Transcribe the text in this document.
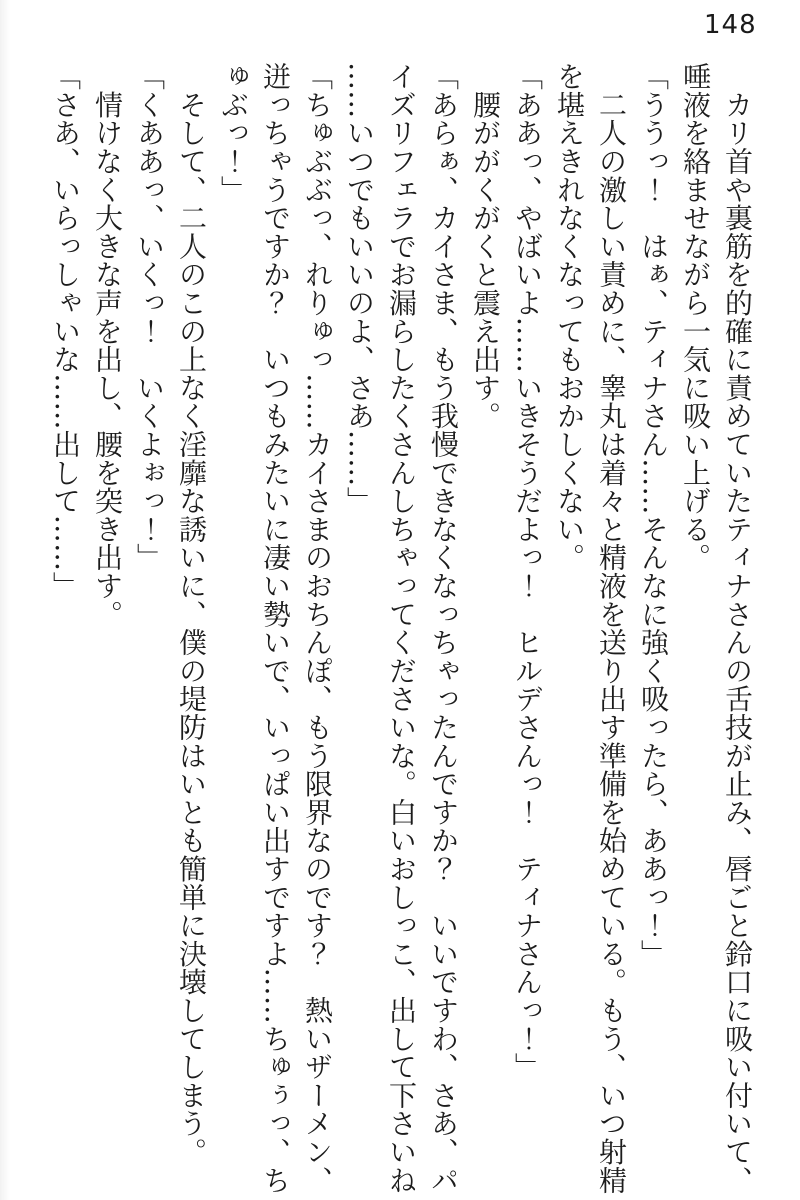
148

　カリ首や裏筋を的確に責めていたティナさんの舌技が止み、唇ごと鈴口に吸い付いて、

唾液を絡ませながら一気に吸い上げる。

「ううっ！　はぁ、ティナさん……そんなに強く吸ったら、ああっ！」

　二人の激しい責めに、睾丸は着々と精液を送り出す準備を始めている。もう、いつ射精

を堪えきれなくなってもおかしくない。

「ああっ、やばいよ……いきそうだよっ！　ヒルデさんっ！　ティナさんっ！」

　腰ががくがくと震え出す。

「あらぁ、カイさま、もう我慢できなくなっちゃったんですか？　いいですわ、さあ、パ

イズリフェラでお漏らしたくさんしちゃってくださいな。白いおしっこ、出して下さいね

……いつでもいいのよ、さあ……」

「ちゅぶぶっ、れりゅっ……カイさまのおちんぽ、もう限界なのです？　熱いザーメン、

迸っちゃうですか？　いつもみたいに凄い勢いで、いっぱい出すですよ……ちゅぅっ、ち

ゅぶっ！」

　そして、二人のこの上なく淫靡な誘いに、僕の堤防はいとも簡単に決壊してしまう。

「くああっ、いくっ！　いくよぉっ！」

　情けなく大きな声を出し、腰を突き出す。

「さあ、いらっしゃいな……出して……」
